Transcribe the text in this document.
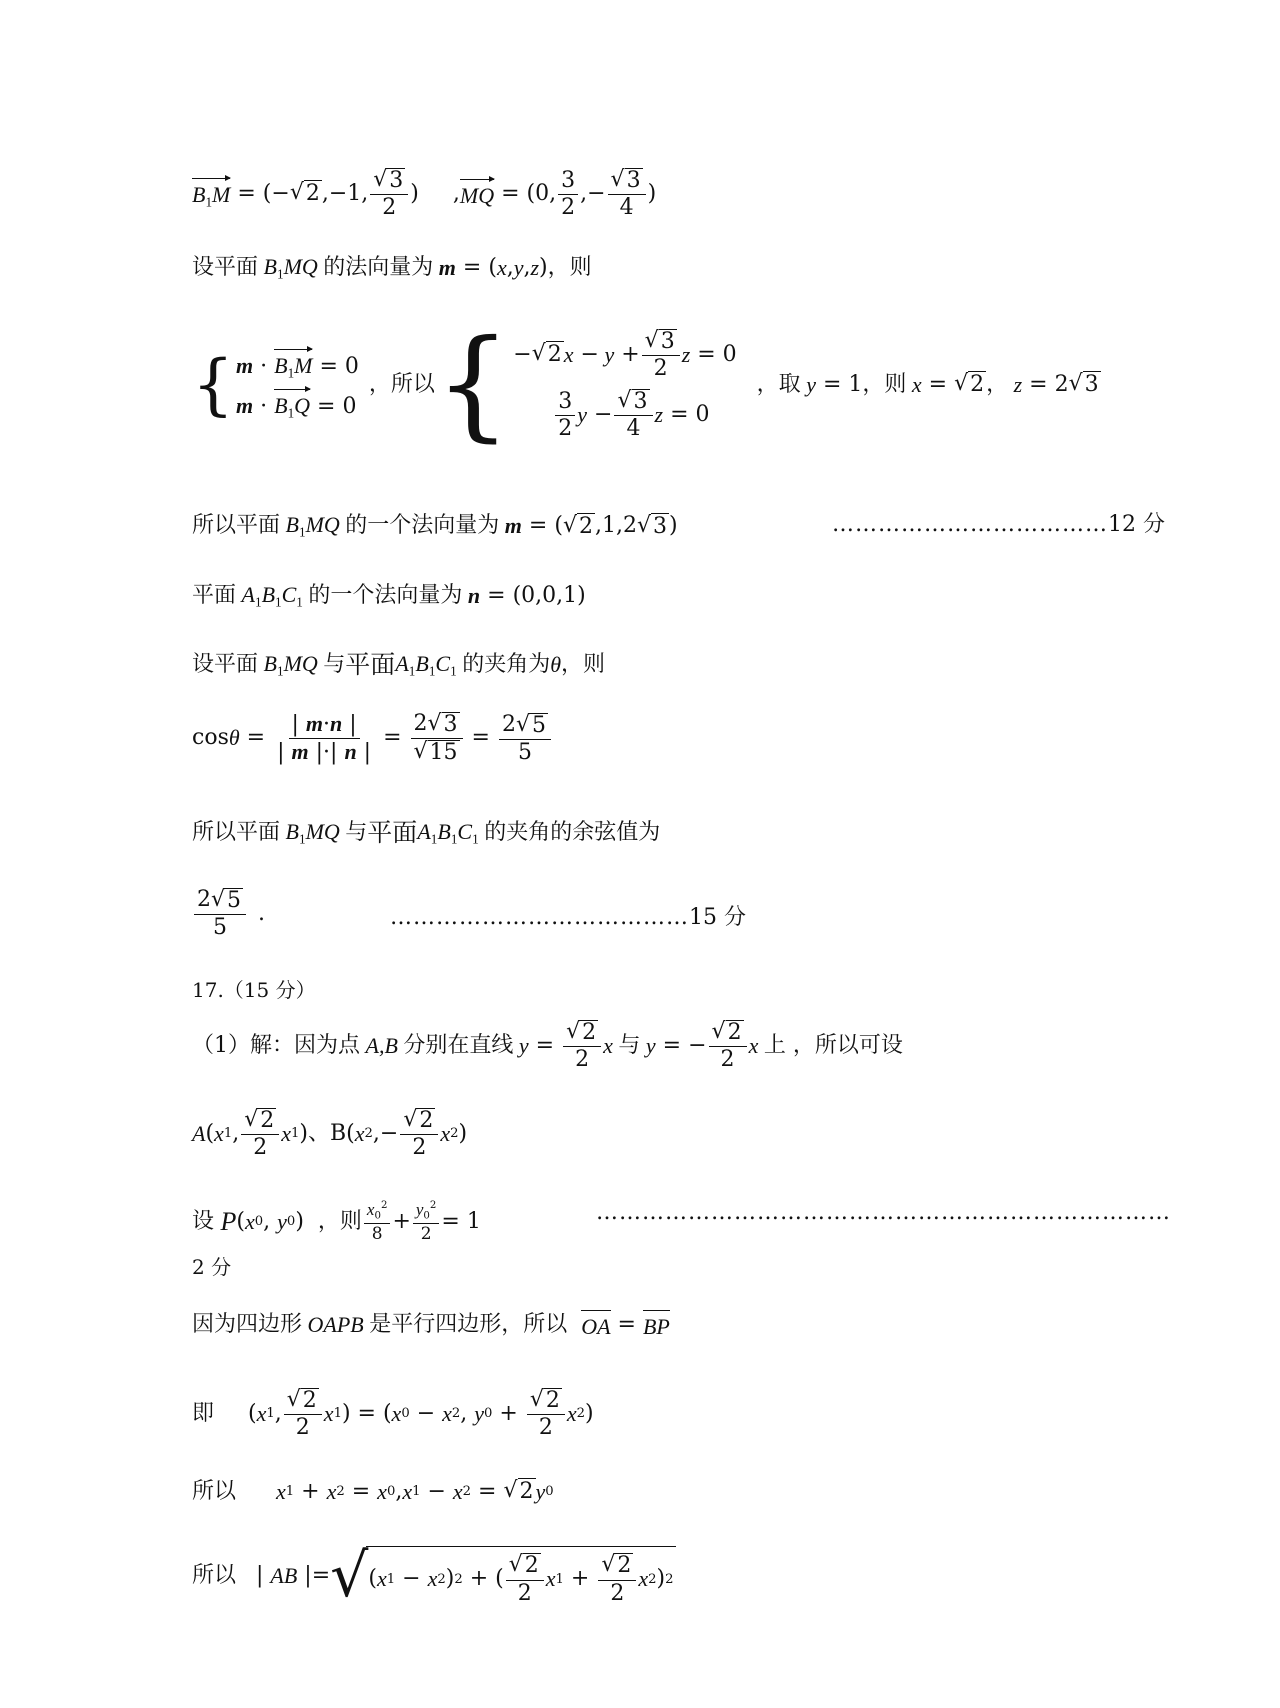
$B_1M$ = (− √ 2 ,−1, $\frac{√ 3}{2}$ ) , MQ = (0, $\frac{3}{2}$ ,− $\frac{√ 3}{4}$ )
设平面 $B_1MQ$ 的法向量为 m = ( x , y , z ) ，则
{ $m \cdot B_1M = 0$
$m \cdot B_1Q = 0$
，所以 { − √ 2 $x - y + \frac{√ 3}{2}$ z = 0
$\frac{3}{2}$ $y - \frac{√ 3}{4}$ z = 0
，取 y = 1 ，则 x = √ 2 ， z = 2 √ 3
所以平面 $B_1MQ$ 的一个法向量为 m = ( √ 2 ,1,2 √ 3 )	……………………………… 12 分
平面 $A_1B_1C_1$ 的一个法向量为 n = (0,0,1)
设平面 $B_1MQ$ 与 平面 $A_1B_1C_1$ 的夹角为 θ ，则
$\cos \theta = \frac{| m\cdot n |}{| m |\cdot| n |} = \frac{2 √ 3}{√ 15} = \frac{2 √ 5}{5}$
所以平面 $B_1MQ$ 与 平面 $A_1B_1C_1$ 的夹角的余弦值为
$\frac{2 √ 5}{5}$ .	………………………………… 15 分
17.（15 分）
（1）解：因为点 A,B 分别在直线 $y = \frac{√ 2}{2}$ x 与 y = − $\frac{√ 2}{2}$ x 上 ，所以可设
A ( x 1 , $\frac{√ 2}{2}$ x 1 ) 、 B( x 2 ,− $\frac{√ 2}{2}$ x 2 )
设 P ( x 0 , y 0 ) ，则 $\frac{x_0^2}{8} + \frac{y_0^2}{2} = 1$	…………………………………………………………………
2 分
因为四边形 OAPB 是平行四边形，所以 OA = BP
即 ( x 1 , $\frac{√ 2}{2}$ x 1 ) = ( x 0 − x 2 , y $0 + \frac{√ 2}{2}$ x 2 )
所以 x 1 + x 2 = x 0 , x 1 − x 2 = √ 2 y 0
所以 | AB |= √ ( x 1 − x 2 ) 2 + ( $\frac{√ 2}{2}$ x $1 + \frac{√ 2}{2}$ x 2 ) 2
